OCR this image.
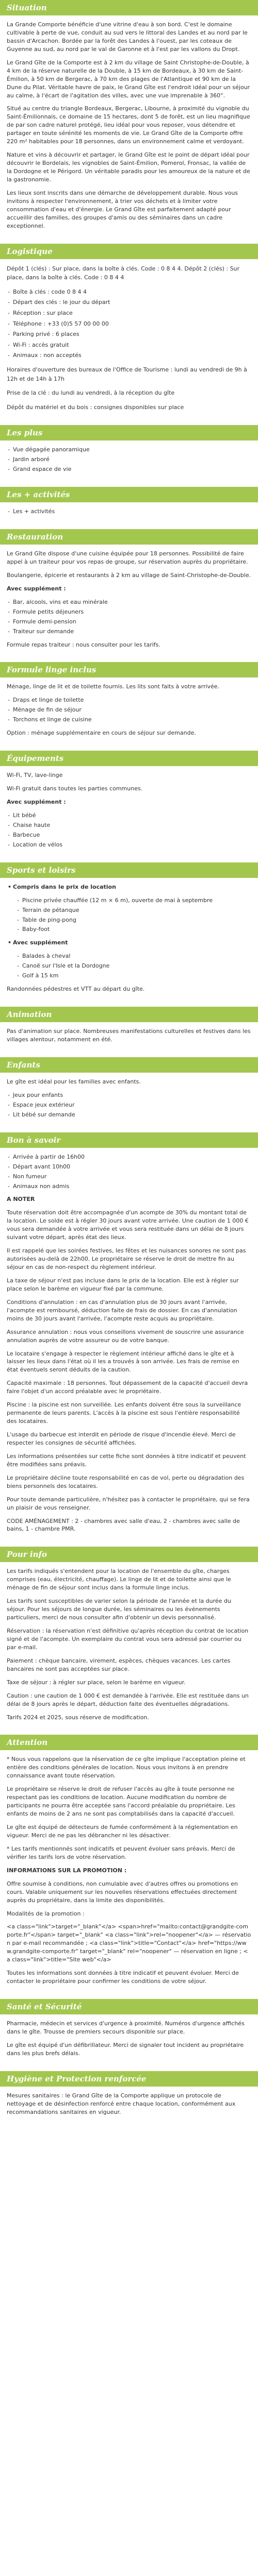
Situation

La Grande Comporte bénéficie d'une vitrine d'eau à son bord. C'est le domaine cultivable à perte de vue, conduit au sud vers le littoral des Landes et au nord par le bassin d'Arcachon. Bordée par la forêt des Landes à l'ouest, par les coteaux de Guyenne au sud, au nord par le val de Garonne et à l'est par les vallons du Dropt.

Le Grand Gîte de la Comporte est à 2 km du village de Saint Christophe-de-Double, à 4 km de la réserve naturelle de la Double, à 15 km de Bordeaux, à 30 km de Saint-Émilion, à 50 km de Bergerac, à 70 km des plages de l'Atlantique et 90 km de la Dune du Pilat. Véritable havre de paix, le Grand Gîte est l'endroit idéal pour un séjour au calme, à l'écart de l'agitation des villes, avec une vue imprenable à 360°.

Situé au centre du triangle Bordeaux, Bergerac, Libourne, à proximité du vignoble du Saint-Émilionnais, ce domaine de 15 hectares, dont 5 de forêt, est un lieu magnifique de par son cadre naturel protégé, lieu idéal pour vous reposer, vous détendre et partager en toute sérénité les moments de vie. Le Grand Gîte de la Comporte offre 220 m² habitables pour 18 personnes, dans un environnement calme et verdoyant.

Nature et vins à découvrir et partager, le Grand Gîte est le point de départ idéal pour découvrir le Bordelais, les vignobles de Saint-Émilion, Pomerol, Fronsac, la vallée de la Dordogne et le Périgord. Un véritable paradis pour les amoureux de la nature et de la gastronomie.

Les lieux sont inscrits dans une démarche de développement durable. Nous vous invitons à respecter l'environnement, à trier vos déchets et à limiter votre consommation d'eau et d'énergie. Le Grand Gîte est parfaitement adapté pour accueillir des familles, des groupes d'amis ou des séminaires dans un cadre exceptionnel.

Logistique

Dépôt 1 (clés) : Sur place, dans la boîte à clés. Code : 0 8 4 4. Dépôt 2 (clés) : Sur place, dans la boîte à clés. Code : 0 8 4 4

- Boîte à clés : code 0 8 4 4
- Départ des clés : le jour du départ
- Réception : sur place
- Téléphone : +33 (0)5 57 00 00 00
- Parking privé : 6 places
- Wi-Fi : accès gratuit
- Animaux : non acceptés

Horaires d'ouverture des bureaux de l'Office de Tourisme : lundi au vendredi de 9h à 12h et de 14h à 17h

Prise de la clé : du lundi au vendredi, à la réception du gîte

Dépôt du matériel et du bois : consignes disponibles sur place

Les plus
- Vue dégagée panoramique
- Jardin arboré
- Grand espace de vie
Les + activités
- Les + activités
Restauration

Le Grand Gîte dispose d'une cuisine équipée pour 18 personnes. Possibilité de faire appel à un traiteur pour vos repas de groupe, sur réservation auprès du propriétaire.

Boulangerie, épicerie et restaurants à 2 km au village de Saint-Christophe-de-Double.

Avec supplément :

- Bar, alcools, vins et eau minérale
- Formule petits déjeuners
- Formule demi-pension
- Traiteur sur demande

Formule repas traiteur : nous consulter pour les tarifs.

Formule linge inclus

Ménage, linge de lit et de toilette fournis. Les lits sont faits à votre arrivée.

- Draps et linge de toilette
- Ménage de fin de séjour
- Torchons et linge de cuisine

Option : ménage supplémentaire en cours de séjour sur demande.

Équipements

Wi-Fi, TV, lave-linge

Wi-Fi gratuit dans toutes les parties communes.

Avec supplément :

- Lit bébé
- Chaise haute
- Barbecue
- Location de vélos
Sports et loisirs
• Compris dans le prix de location
- Piscine privée chauffée (12 m × 6 m), ouverte de mai à septembre
- Terrain de pétanque
- Table de ping-pong
- Baby-foot
• Avec supplément
- Balades à cheval
- Canoë sur l'Isle et la Dordogne
- Golf à 15 km

Randonnées pédestres et VTT au départ du gîte.

Animation

Pas d'animation sur place. Nombreuses manifestations culturelles et festives dans les villages alentour, notamment en été.

Enfants

Le gîte est idéal pour les familles avec enfants.

- Jeux pour enfants
- Espace jeux extérieur
- Lit bébé sur demande
Bon à savoir
- Arrivée à partir de 16h00
- Départ avant 10h00
- Non fumeur
- Animaux non admis

A NOTER

Toute réservation doit être accompagnée d'un acompte de 30% du montant total de la location. Le solde est à régler 30 jours avant votre arrivée. Une caution de 1 000 € vous sera demandée à votre arrivée et vous sera restituée dans un délai de 8 jours suivant votre départ, après état des lieux.

Il est rappelé que les soirées festives, les fêtes et les nuisances sonores ne sont pas autorisées au-delà de 22h00. Le propriétaire se réserve le droit de mettre fin au séjour en cas de non-respect du règlement intérieur.

La taxe de séjour n'est pas incluse dans le prix de la location. Elle est à régler sur place selon le barème en vigueur fixé par la commune.

Conditions d'annulation : en cas d'annulation plus de 30 jours avant l'arrivée, l'acompte est remboursé, déduction faite de frais de dossier. En cas d'annulation moins de 30 jours avant l'arrivée, l'acompte reste acquis au propriétaire.

Assurance annulation : nous vous conseillons vivement de souscrire une assurance annulation auprès de votre assureur ou de votre banque.

Le locataire s'engage à respecter le règlement intérieur affiché dans le gîte et à laisser les lieux dans l'état où il les a trouvés à son arrivée. Les frais de remise en état éventuels seront déduits de la caution.

Capacité maximale : 18 personnes. Tout dépassement de la capacité d'accueil devra faire l'objet d'un accord préalable avec le propriétaire.

Piscine : la piscine est non surveillée. Les enfants doivent être sous la surveillance permanente de leurs parents. L'accès à la piscine est sous l'entière responsabilité des locataires.

L'usage du barbecue est interdit en période de risque d'incendie élevé. Merci de respecter les consignes de sécurité affichées.

Les informations présentées sur cette fiche sont données à titre indicatif et peuvent être modifiées sans préavis.

Le propriétaire décline toute responsabilité en cas de vol, perte ou dégradation des biens personnels des locataires.

Pour toute demande particulière, n'hésitez pas à contacter le propriétaire, qui se fera un plaisir de vous renseigner.

CODE AMÉNAGEMENT : 2 - chambres avec salle d'eau, 2 - chambres avec salle de bains, 1 - chambre PMR.

Pour info

Les tarifs indiqués s'entendent pour la location de l'ensemble du gîte, charges comprises (eau, électricité, chauffage). Le linge de lit et de toilette ainsi que le ménage de fin de séjour sont inclus dans la formule linge inclus.

Les tarifs sont susceptibles de varier selon la période de l'année et la durée du séjour. Pour les séjours de longue durée, les séminaires ou les événements particuliers, merci de nous consulter afin d'obtenir un devis personnalisé.

Réservation : la réservation n'est définitive qu'après réception du contrat de location signé et de l'acompte. Un exemplaire du contrat vous sera adressé par courrier ou par e-mail.

Paiement : chèque bancaire, virement, espèces, chèques vacances. Les cartes bancaires ne sont pas acceptées sur place.

Taxe de séjour : à régler sur place, selon le barème en vigueur.

Caution : une caution de 1 000 € est demandée à l'arrivée. Elle est restituée dans un délai de 8 jours après le départ, déduction faite des éventuelles dégradations.

Tarifs 2024 et 2025, sous réserve de modification.

Attention

* Nous vous rappelons que la réservation de ce gîte implique l'acceptation pleine et entière des conditions générales de location. Nous vous invitons à en prendre connaissance avant toute réservation.

Le propriétaire se réserve le droit de refuser l'accès au gîte à toute personne ne respectant pas les conditions de location. Aucune modification du nombre de participants ne pourra être acceptée sans l'accord préalable du propriétaire. Les enfants de moins de 2 ans ne sont pas comptabilisés dans la capacité d'accueil.

Le gîte est équipé de détecteurs de fumée conformément à la réglementation en vigueur. Merci de ne pas les débrancher ni les désactiver.

* Les tarifs mentionnés sont indicatifs et peuvent évoluer sans préavis. Merci de vérifier les tarifs lors de votre réservation.

INFORMATIONS SUR LA PROMOTION :

Offre soumise à conditions, non cumulable avec d'autres offres ou promotions en cours. Valable uniquement sur les nouvelles réservations effectuées directement auprès du propriétaire, dans la limite des disponibilités.

Modalités de la promotion :

<a class="link">target="_blank"</a> <span>href="mailto:contact@grandgite-comporte.fr"</span> target="_blank" <a class="link">rel="noopener"</a> — réservation par e-mail recommandée ; <a class="link">title="Contact"</a> href="https://www.grandgite-comporte.fr" target="_blank" rel="noopener" — réservation en ligne ; <a class="link">title="Site web"</a>

Toutes les informations sont données à titre indicatif et peuvent évoluer. Merci de contacter le propriétaire pour confirmer les conditions de votre séjour.

Santé et Sécurité

Pharmacie, médecin et services d'urgence à proximité. Numéros d'urgence affichés dans le gîte. Trousse de premiers secours disponible sur place.

Le gîte est équipé d'un défibrillateur. Merci de signaler tout incident au propriétaire dans les plus brefs délais.

Hygiène et Protection renforcée

Mesures sanitaires : le Grand Gîte de la Comporte applique un protocole de nettoyage et de désinfection renforcé entre chaque location, conformément aux recommandations sanitaires en vigueur.
